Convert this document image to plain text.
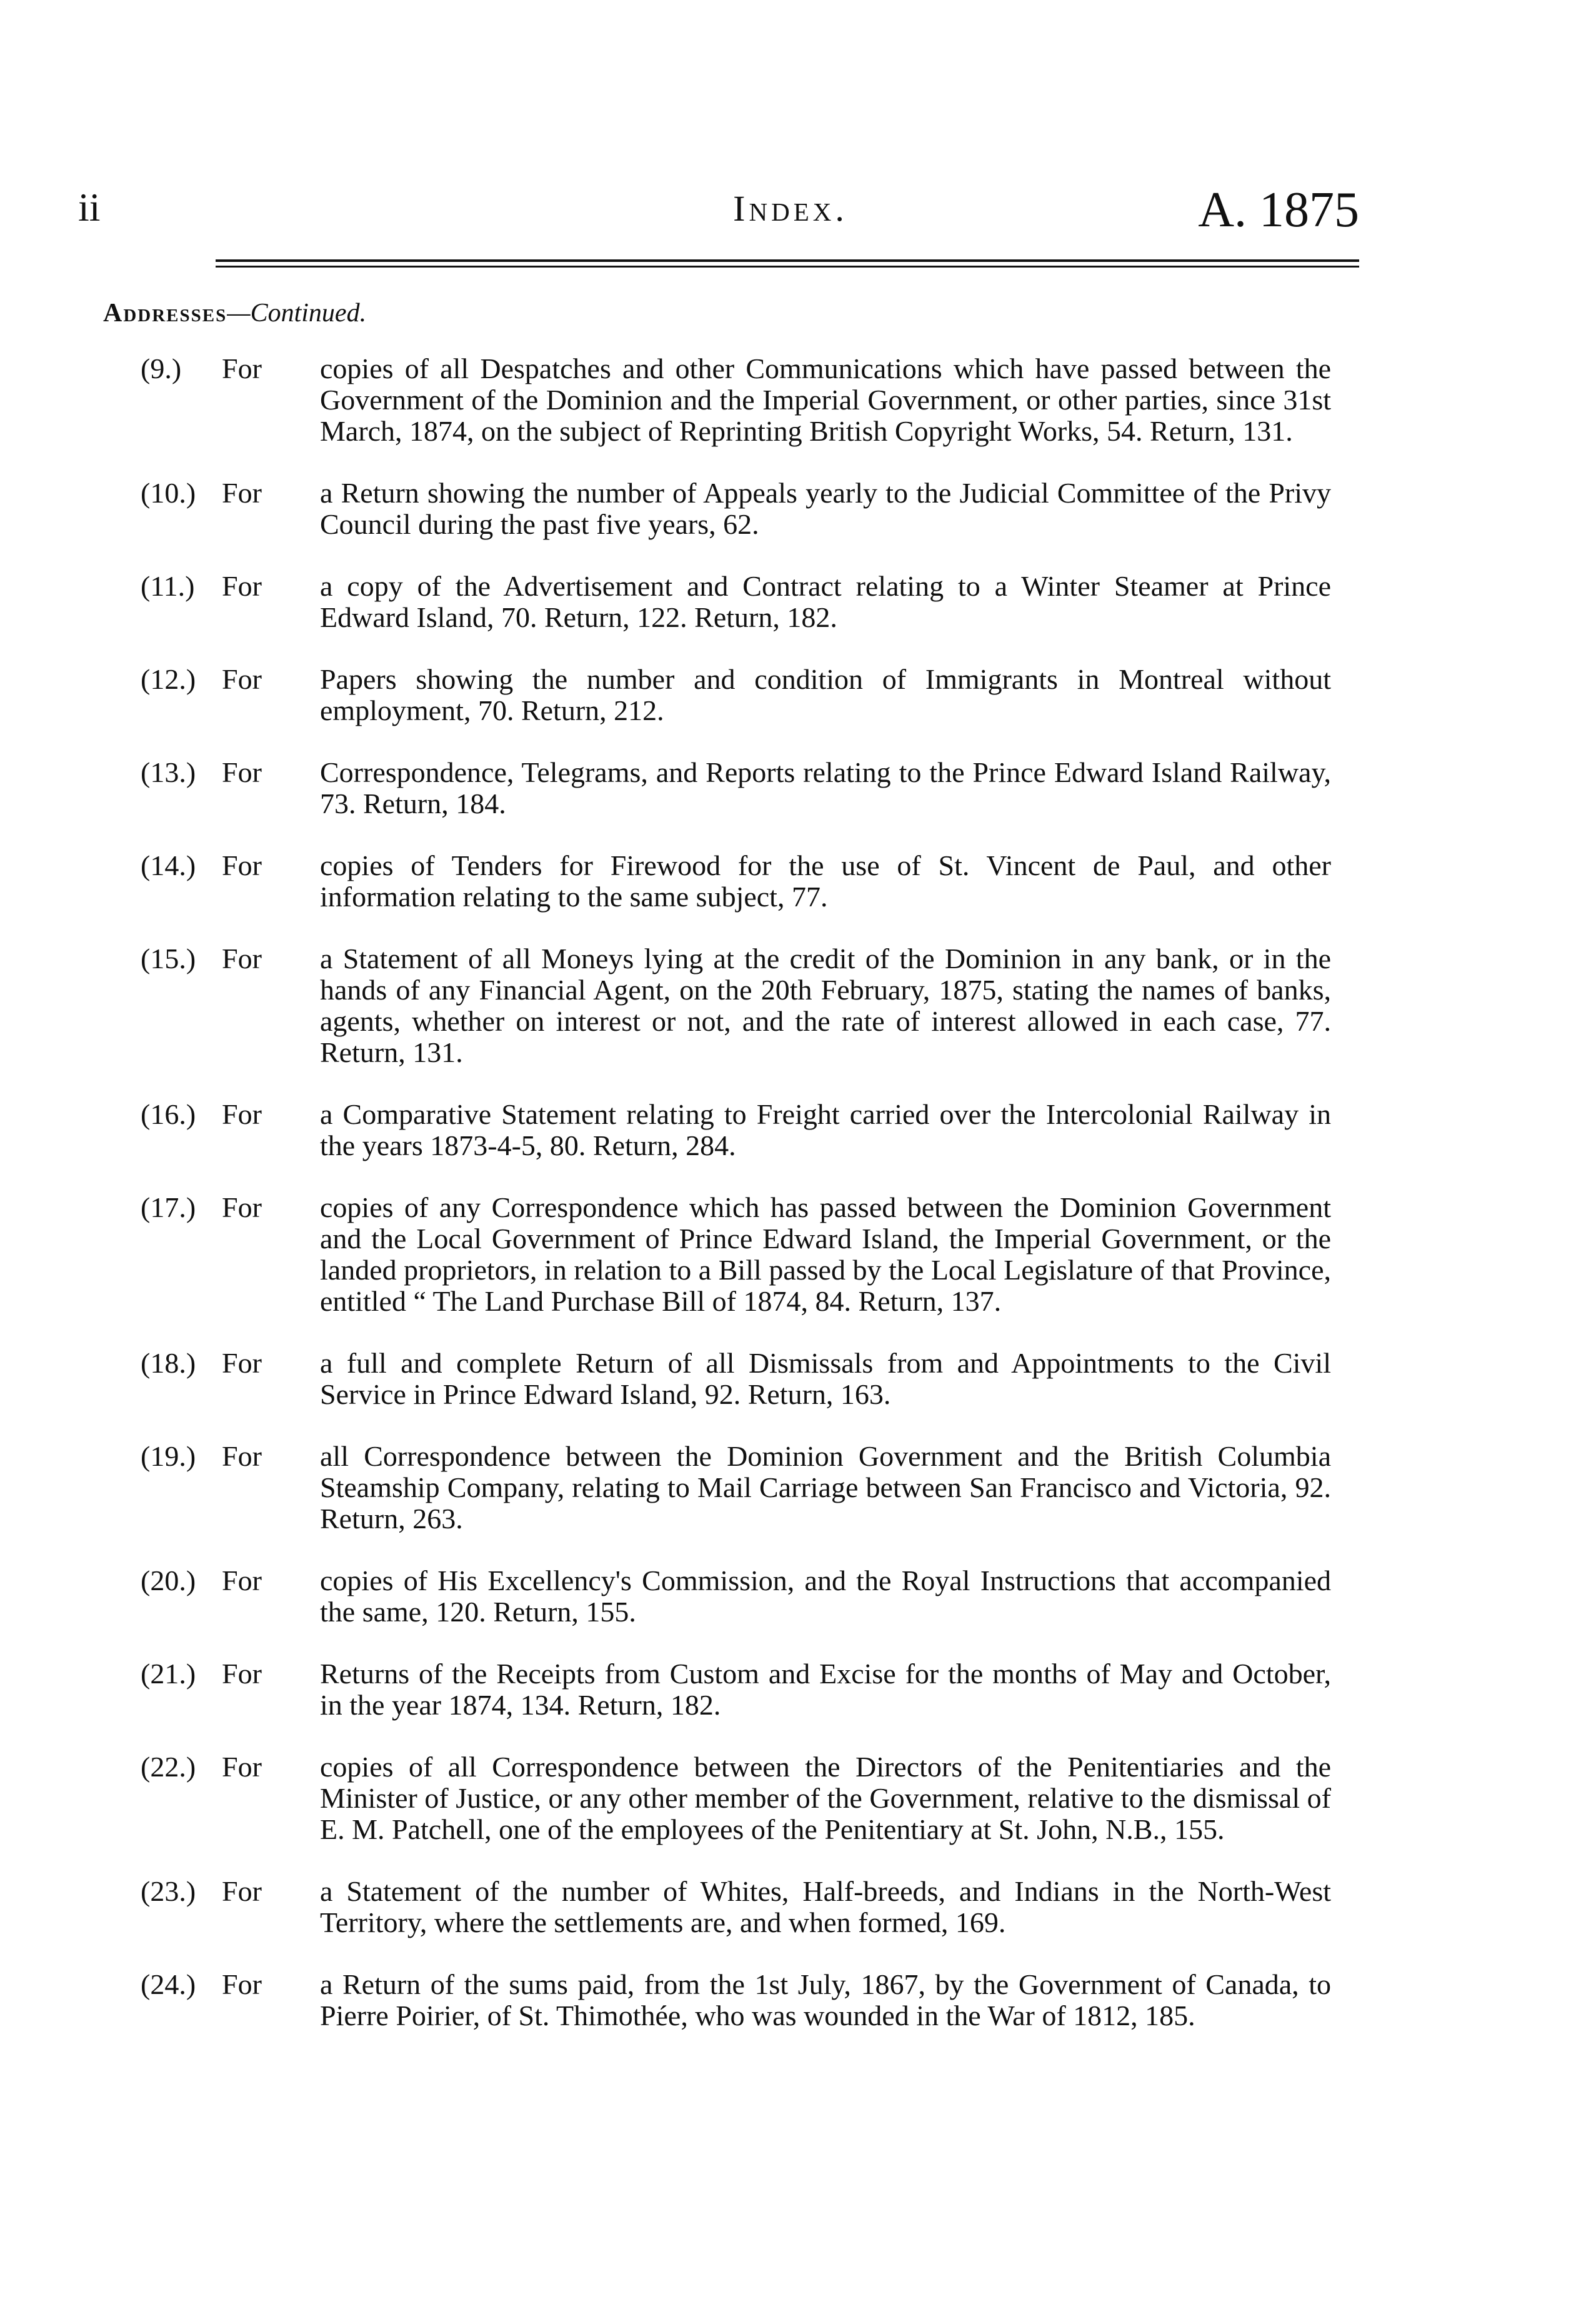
ii	Index.	A. 1875
Addresses—Continued.
(9.)	For copies of all Despatches and other Communications which have passed between the Government of the Dominion and the Imperial Government, or other parties, since 31st March, 1874, on the subject of Reprinting British Copyright Works, 54. Return, 131.
(10.) For a Return showing the number of Appeals yearly to the Judicial Committee of the Privy Council during the past five years, 62.
(11.) For a copy of the Advertisement and Contract relating to a Winter Steamer at Prince Edward Island, 70. Return, 122. Return, 182.
(12.) For Papers showing the number and condition of Immigrants in Montreal without employment, 70. Return, 212.
(13.) For Correspondence, Telegrams, and Reports relating to the Prince Edward Island Railway, 73. Return, 184.
(14.) For copies of Tenders for Firewood for the use of St. Vincent de Paul, and other information relating to the same subject, 77.
(15.) For a Statement of all Moneys lying at the credit of the Dominion in any bank, or in the hands of any Financial Agent, on the 20th February, 1875, stating the names of banks, agents, whether on interest or not, and the rate of interest allowed in each case, 77. Return, 131.
(16.) For a Comparative Statement relating to Freight carried over the Intercolonial Railway in the years 1873-4-5, 80. Return, 284.
(17.) For copies of any Correspondence which has passed between the Dominion Government and the Local Government of Prince Edward Island, the Imperial Government, or the landed proprietors, in relation to a Bill passed by the Local Legislature of that Province, entitled “ The Land Purchase Bill of 1874, 84. Return, 137.
(18.) For a full and complete Return of all Dismissals from and Appointments to the Civil Service in Prince Edward Island, 92. Return, 163.
(19.) For all Correspondence between the Dominion Government and the British Columbia Steamship Company, relating to Mail Carriage between San Francisco and Victoria, 92. Return, 263.
(20.) For copies of His Excellency's Commission, and the Royal Instructions that accompanied the same, 120. Return, 155.
(21.) For Returns of the Receipts from Custom and Excise for the months of May and October, in the year 1874, 134. Return, 182.
(22.) For copies of all Correspondence between the Directors of the Penitentiaries and the Minister of Justice, or any other member of the Government, relative to the dismissal of E. M. Patchell, one of the employees of the Penitentiary at St. John, N.B., 155.
(23.) For a Statement of the number of Whites, Half-breeds, and Indians in the North-West Territory, where the settlements are, and when formed, 169.
(24.) For a Return of the sums paid, from the 1st July, 1867, by the Government of Canada, to Pierre Poirier, of St. Thimothée, who was wounded in the War of 1812, 185.
